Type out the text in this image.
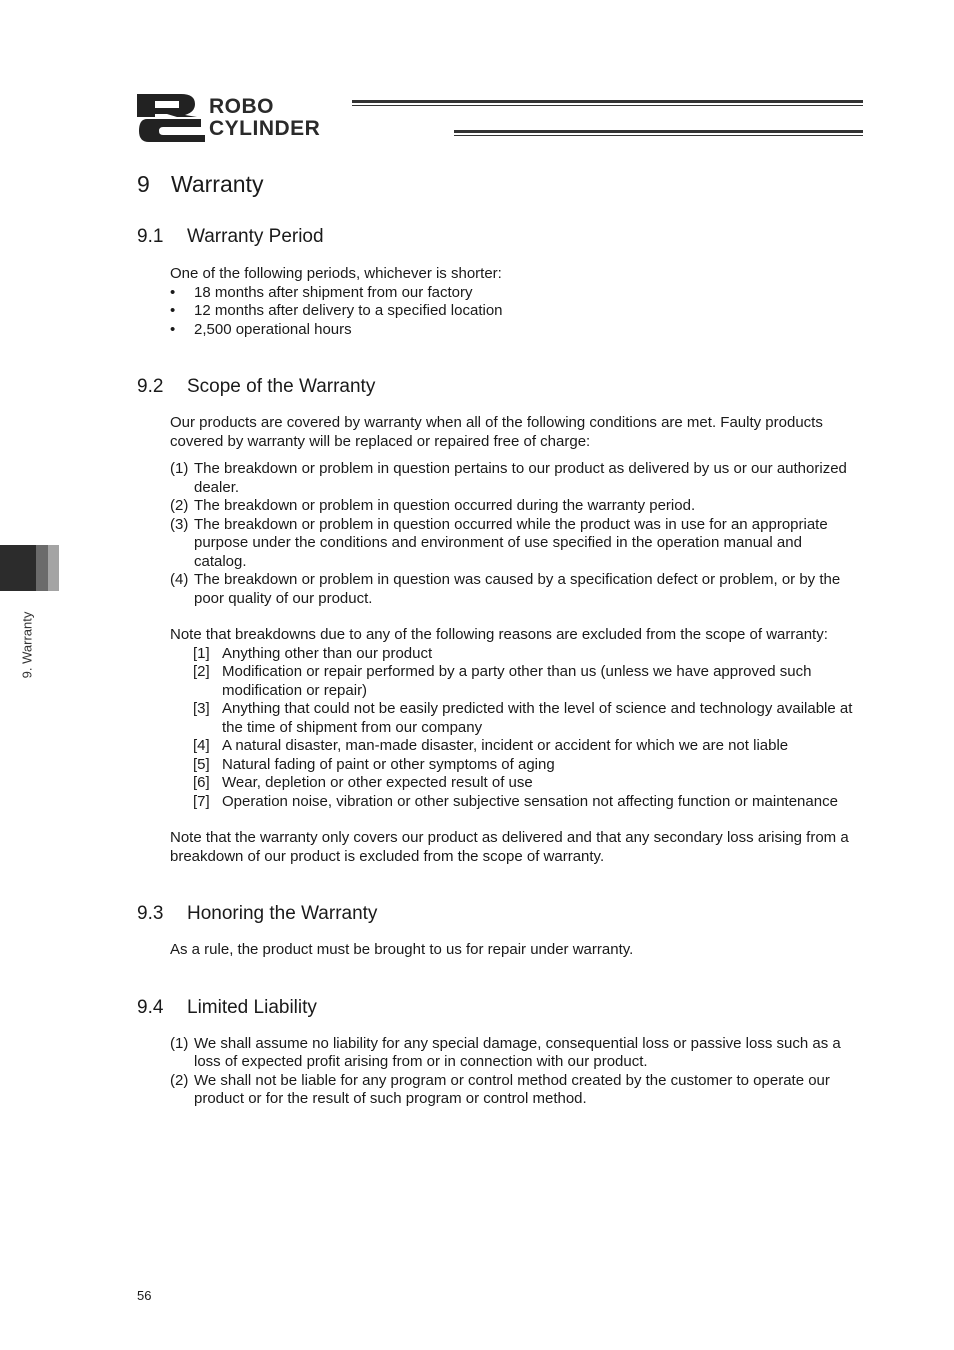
ROBO
CYLINDER
9. Warranty
9 Warranty
9.1 Warranty Period

One of the following periods, whichever is shorter:

• 18 months after shipment from our factory
• 12 months after delivery to a specified location
• 2,500 operational hours
9.2 Scope of the Warranty

Our products are covered by warranty when all of the following conditions are met. Faulty products covered by warranty will be replaced or repaired free of charge:

(1) The breakdown or problem in question pertains to our product as delivered by us or our authorized dealer.
(2) The breakdown or problem in question occurred during the warranty period.
(3) The breakdown or problem in question occurred while the product was in use for an appropriate purpose under the conditions and environment of use specified in the operation manual and catalog.
(4) The breakdown or problem in question was caused by a specification defect or problem, or by the poor quality of our product.

Note that breakdowns due to any of the following reasons are excluded from the scope of warranty:

[1] Anything other than our product
[2] Modification or repair performed by a party other than us (unless we have approved such modification or repair)
[3] Anything that could not be easily predicted with the level of science and technology available at the time of shipment from our company
[4] A natural disaster, man-made disaster, incident or accident for which we are not liable
[5] Natural fading of paint or other symptoms of aging
[6] Wear, depletion or other expected result of use
[7] Operation noise, vibration or other subjective sensation not affecting function or maintenance

Note that the warranty only covers our product as delivered and that any secondary loss arising from a breakdown of our product is excluded from the scope of warranty.

9.3 Honoring the Warranty

As a rule, the product must be brought to us for repair under warranty.

9.4 Limited Liability
(1) We shall assume no liability for any special damage, consequential loss or passive loss such as a loss of expected profit arising from or in connection with our product.
(2) We shall not be liable for any program or control method created by the customer to operate our product or for the result of such program or control method.
56
